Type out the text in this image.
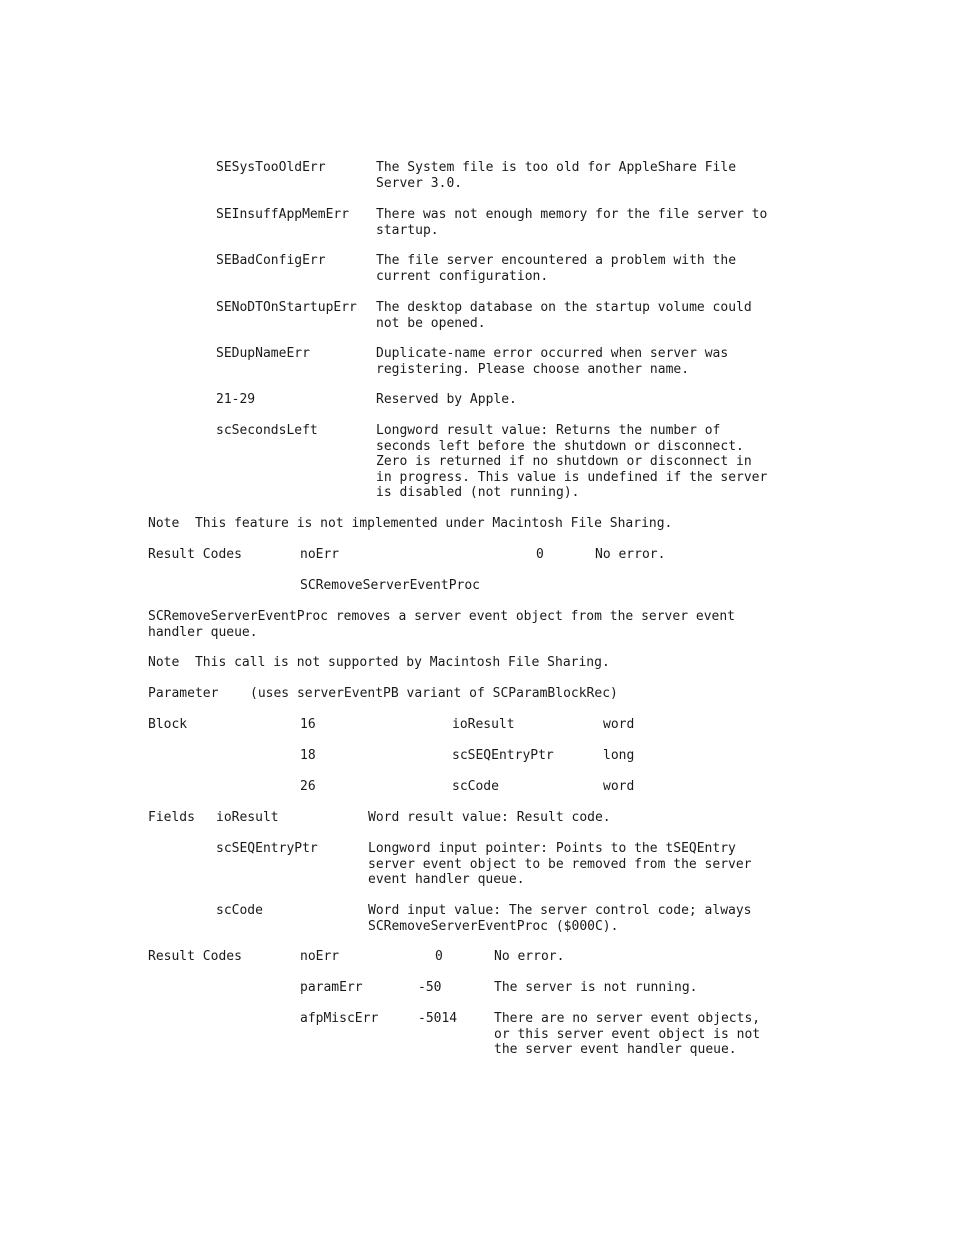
SESysTooOldErr	The System file is too old for AppleShare File
Server 3.0.
SEInsuffAppMemErr There was not enough memory for the file server to
startup.
SEBadConfigErr	The file server encountered a problem with the
current configuration.
SENoDTOnStartupErr The desktop database on the startup volume could
not be opened.
SEDupNameErr	Duplicate-name error occurred when server was
registering. Please choose another name.
21-29	Reserved by Apple.
scSecondsLeft	Longword result value: Returns the number of
seconds left before the shutdown or disconnect.
Zero is returned if no shutdown or disconnect in
in progress. This value is undefined if the server
is disabled (not running).
Note  This feature is not implemented under Macintosh File Sharing.
Result Codes	noErr	0	No error.
SCRemoveServerEventProc
SCRemoveServerEventProc removes a server event object from the server event
handler queue.
Note  This call is not supported by Macintosh File Sharing.
Parameter (uses serverEventPB variant of SCParamBlockRec)
Block	16	ioResult	word
18	scSEQEntryPtr	long
26	scCode	word
Fields ioResult	Word result value: Result code.
scSEQEntryPtr	Longword input pointer: Points to the tSEQEntry
server event object to be removed from the server
event handler queue.
scCode	Word input value: The server control code; always
SCRemoveServerEventProc ($000C).
Result Codes	noErr	0	No error.
paramErr	-50	The server is not running.
afpMiscErr	-5014	There are no server event objects,
or this server event object is not
the server event handler queue.
